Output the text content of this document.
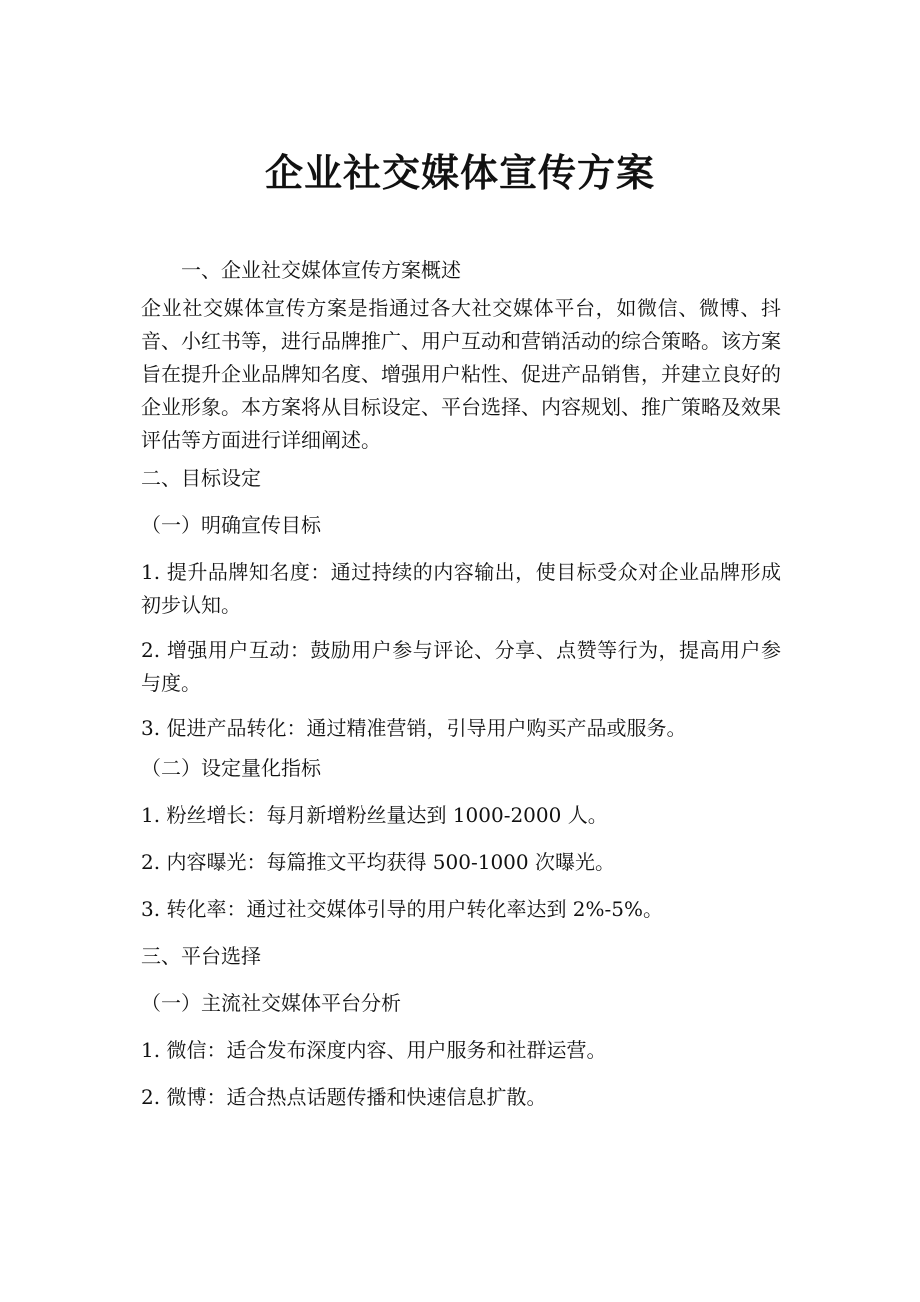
企业社交媒体宣传方案

一、企业社交媒体宣传方案概述

企业社交媒体宣传方案是指通过各大社交媒体平台，如微信、微博、抖音、小红书等，进行品牌推广、用户互动和营销活动的综合策略。该方案旨在提升企业品牌知名度、增强用户粘性、促进产品销售，并建立良好的企业形象。本方案将从目标设定、平台选择、内容规划、推广策略及效果评估等方面进行详细阐述。

二、目标设定

（一）明确宣传目标

1. 提升品牌知名度：通过持续的内容输出，使目标受众对企业品牌形成初步认知。

2. 增强用户互动：鼓励用户参与评论、分享、点赞等行为，提高用户参与度。

3. 促进产品转化：通过精准营销，引导用户购买产品或服务。

（二）设定量化指标

1. 粉丝增长：每月新增粉丝量达到 1000-2000 人。

2. 内容曝光：每篇推文平均获得 500-1000 次曝光。

3. 转化率：通过社交媒体引导的用户转化率达到 2%-5%。

三、平台选择

（一）主流社交媒体平台分析

1. 微信：适合发布深度内容、用户服务和社群运营。

2. 微博：适合热点话题传播和快速信息扩散。
